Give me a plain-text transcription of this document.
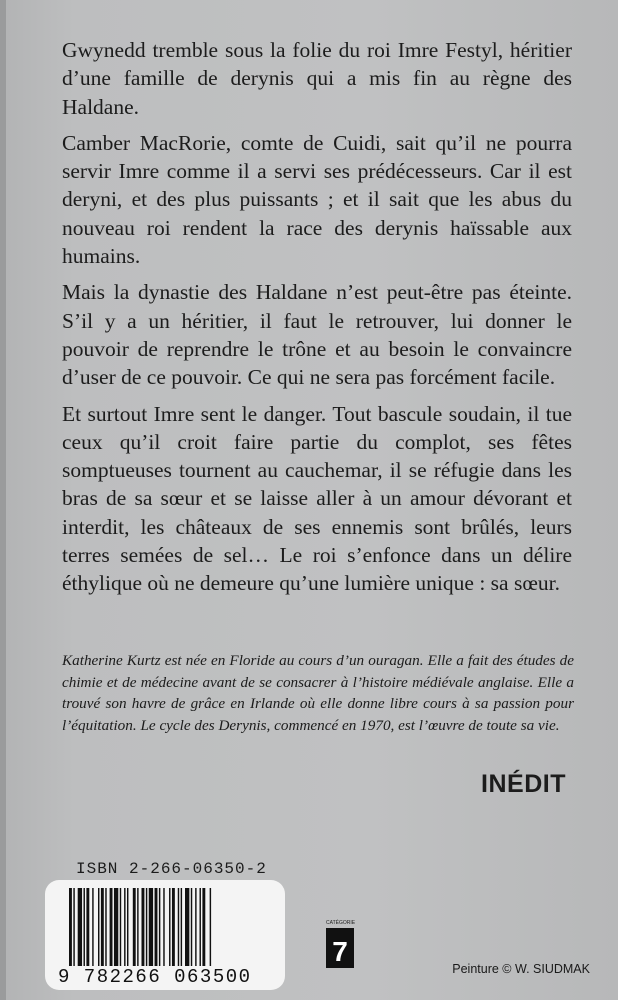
Gwynedd tremble sous la folie du roi Imre Festyl, héritier d’une famille de derynis qui a mis fin au règne des Haldane.

Camber MacRorie, comte de Cuidi, sait qu’il ne pourra servir Imre comme il a servi ses prédécesseurs. Car il est deryni, et des plus puissants ; et il sait que les abus du nouveau roi rendent la race des derynis haïssable aux humains.

Mais la dynastie des Haldane n’est peut-être pas éteinte. S’il y a un héritier, il faut le retrouver, lui donner le pouvoir de reprendre le trône et au besoin le convaincre d’user de ce pouvoir. Ce qui ne sera pas forcément facile.

Et surtout Imre sent le danger. Tout bascule soudain, il tue ceux qu’il croit faire partie du complot, ses fêtes somptueuses tournent au cauchemar, il se réfugie dans les bras de sa sœur et se laisse aller à un amour dévorant et interdit, les châteaux de ses ennemis sont brûlés, leurs terres semées de sel… Le roi s’enfonce dans un délire éthylique où ne demeure qu’une lumière unique : sa sœur.

Katherine Kurtz est née en Floride au cours d’un ouragan. Elle a fait des études de chimie et de médecine avant de se consacrer à l’histoire médiévale anglaise. Elle a trouvé son havre de grâce en Irlande où elle donne libre cours à sa passion pour l’équitation. Le cycle des Derynis, commencé en 1970, est l’œuvre de toute sa vie.
INÉDIT
ISBN 2-266-06350-2
9 782266 063500
CATÉGORIE
7
Peinture © W. SIUDMAK
